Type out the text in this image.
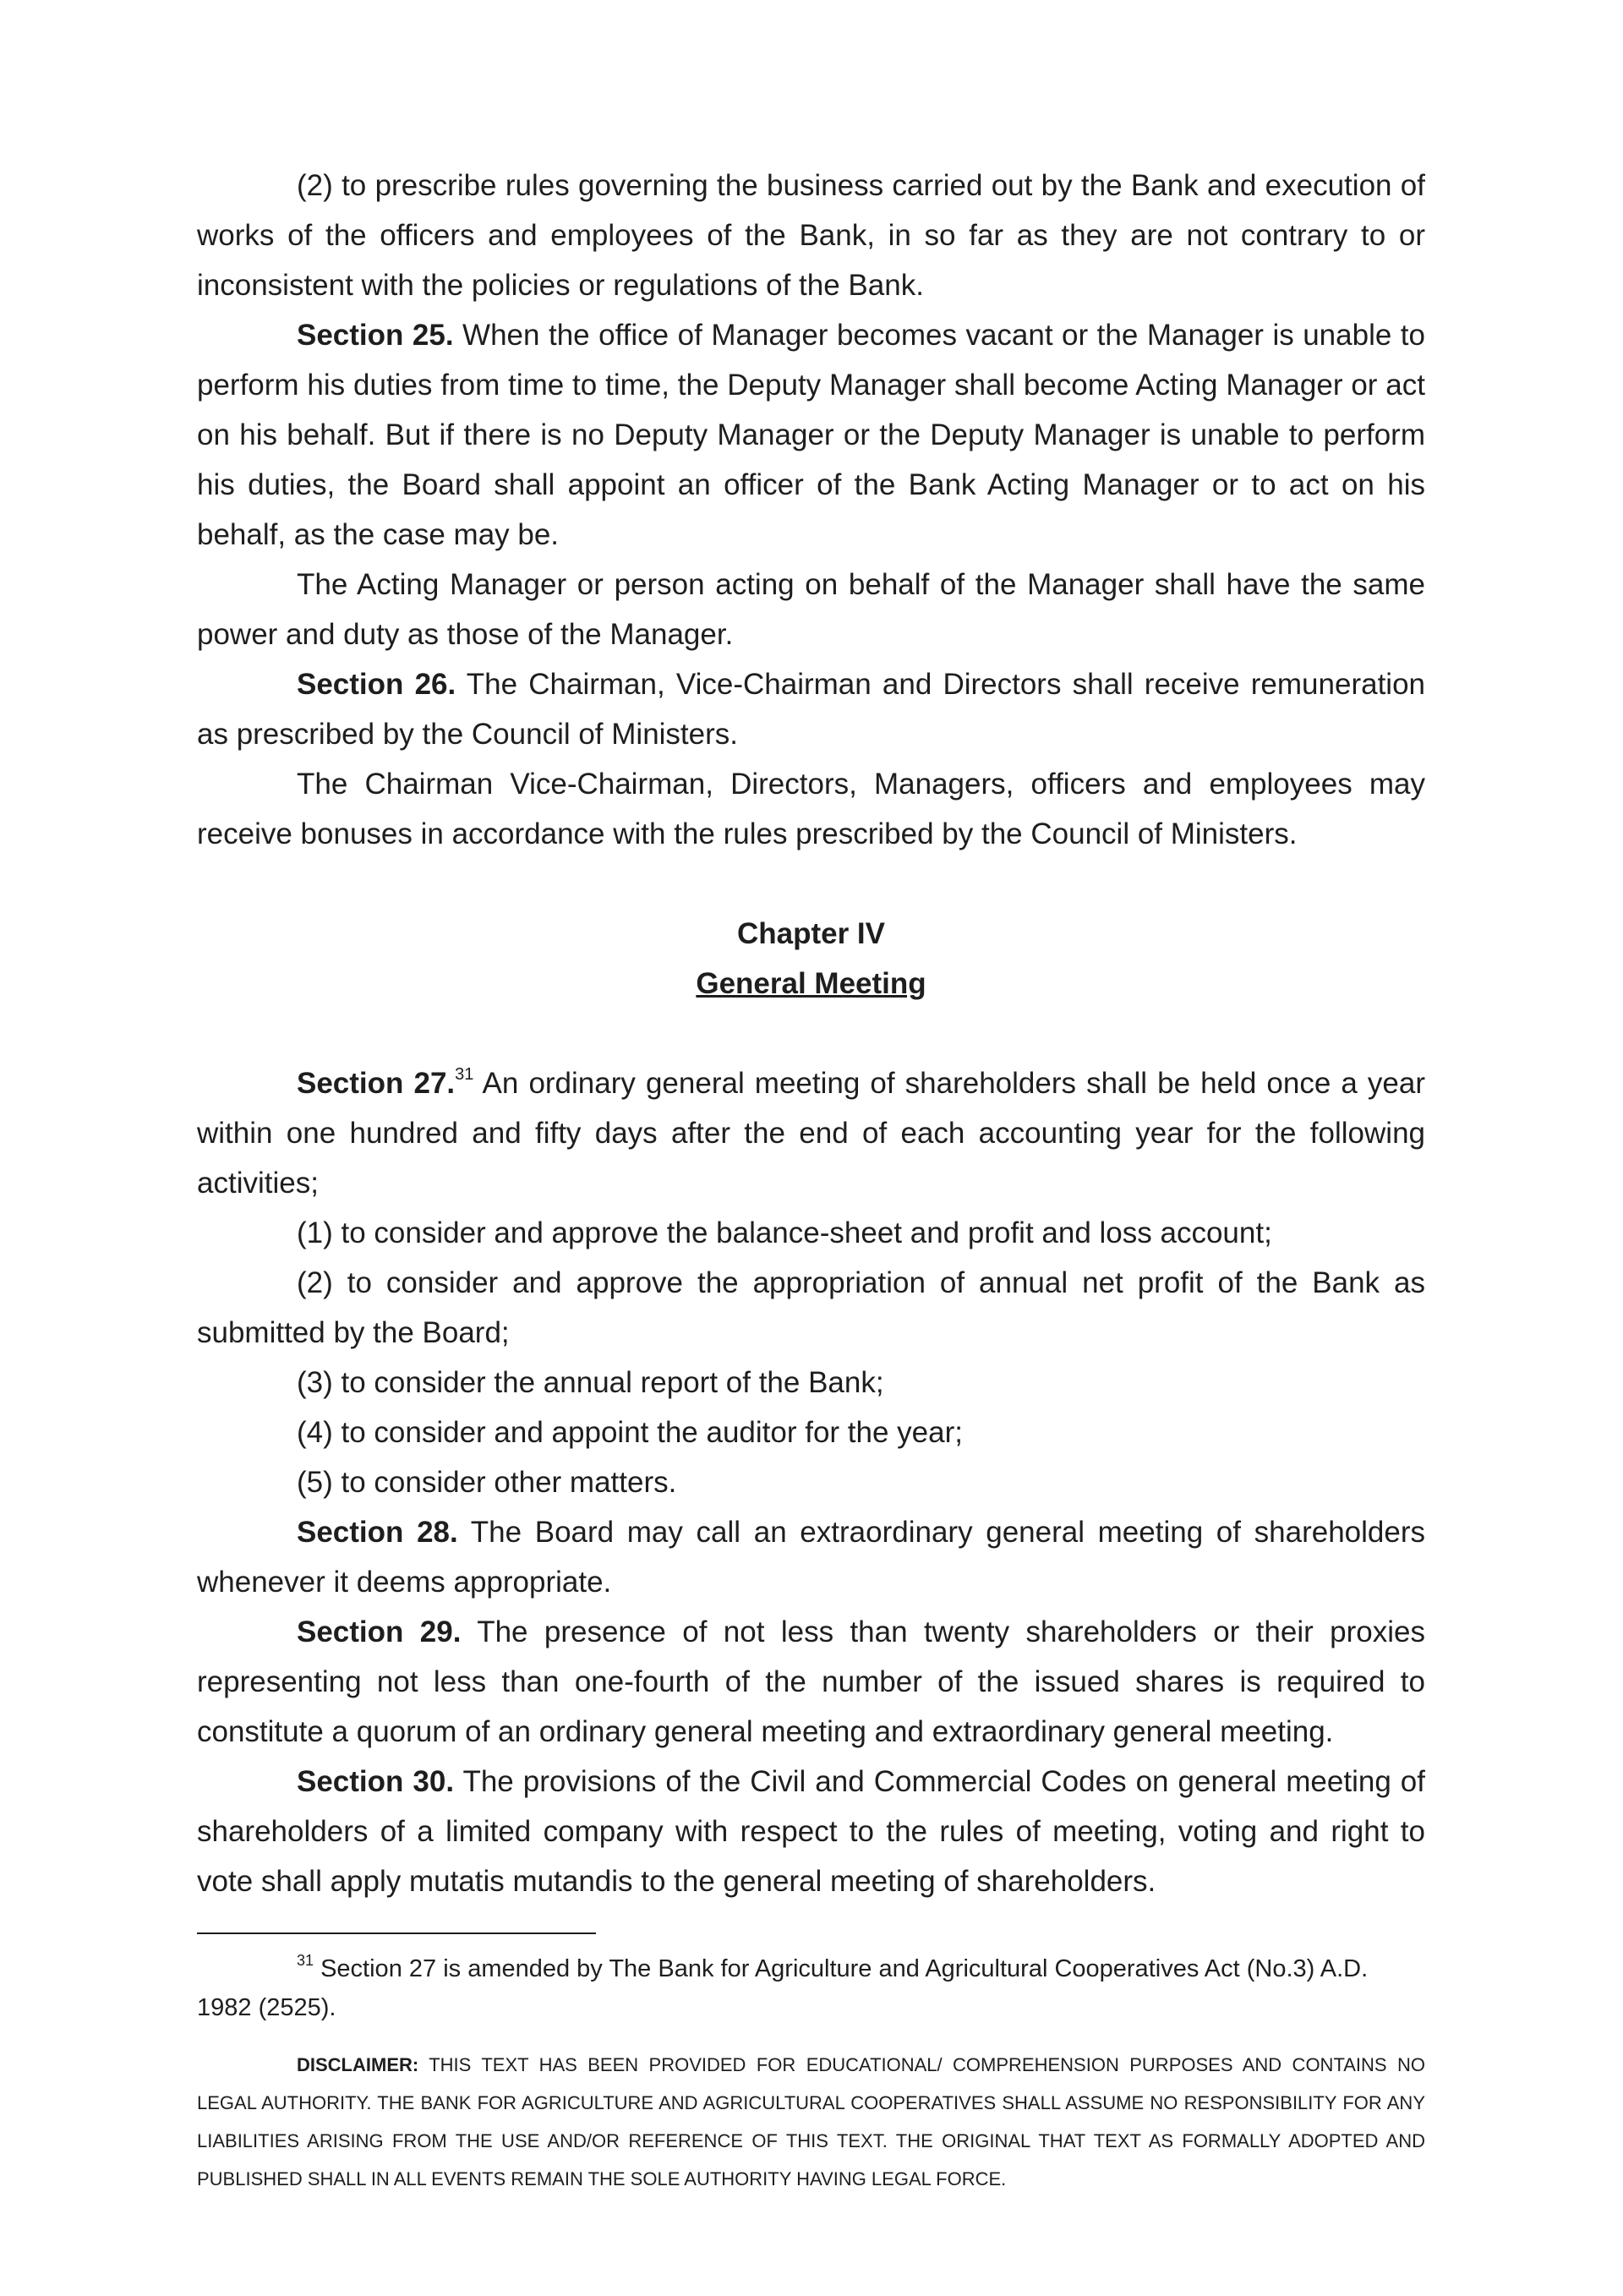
(2) to prescribe rules governing the business carried out by the Bank and execution of works of the officers and employees of the Bank, in so far as they are not contrary to or inconsistent with the policies or regulations of the Bank.

Section 25. When the office of Manager becomes vacant or the Manager is unable to perform his duties from time to time, the Deputy Manager shall become Acting Manager or act on his behalf. But if there is no Deputy Manager or the Deputy Manager is unable to perform his duties, the Board shall appoint an officer of the Bank Acting Manager or to act on his behalf, as the case may be.

The Acting Manager or person acting on behalf of the Manager shall have the same power and duty as those of the Manager.

Section 26. The Chairman, Vice-Chairman and Directors shall receive remuneration as prescribed by the Council of Ministers.

The Chairman Vice-Chairman, Directors, Managers, officers and employees may receive bonuses in accordance with the rules prescribed by the Council of Ministers.

Chapter IV

General Meeting

Section 27.31 An ordinary general meeting of shareholders shall be held once a year within one hundred and fifty days after the end of each accounting year for the following activities;

(1) to consider and approve the balance-sheet and profit and loss account;

(2) to consider and approve the appropriation of annual net profit of the Bank as submitted by the Board;

(3) to consider the annual report of the Bank;

(4) to consider and appoint the auditor for the year;

(5) to consider other matters.

Section 28. The Board may call an extraordinary general meeting of shareholders whenever it deems appropriate.

Section 29. The presence of not less than twenty shareholders or their proxies representing not less than one-fourth of the number of the issued shares is required to constitute a quorum of an ordinary general meeting and extraordinary general meeting.

Section 30. The provisions of the Civil and Commercial Codes on general meeting of shareholders of a limited company with respect to the rules of meeting, voting and right to vote shall apply mutatis mutandis to the general meeting of shareholders.

$^{31}$ Section 27 is amended by The Bank for Agriculture and Agricultural Cooperatives Act (No.3) A.D. 1982 (2525).

DISCLAIMER: THIS TEXT HAS BEEN PROVIDED FOR EDUCATIONAL/ COMPREHENSION PURPOSES AND CONTAINS NO LEGAL AUTHORITY. THE BANK FOR AGRICULTURE AND AGRICULTURAL COOPERATIVES SHALL ASSUME NO RESPONSIBILITY FOR ANY LIABILITIES ARISING FROM THE USE AND/OR REFERENCE OF THIS TEXT. THE ORIGINAL THAT TEXT AS FORMALLY ADOPTED AND PUBLISHED SHALL IN ALL EVENTS REMAIN THE SOLE AUTHORITY HAVING LEGAL FORCE.
